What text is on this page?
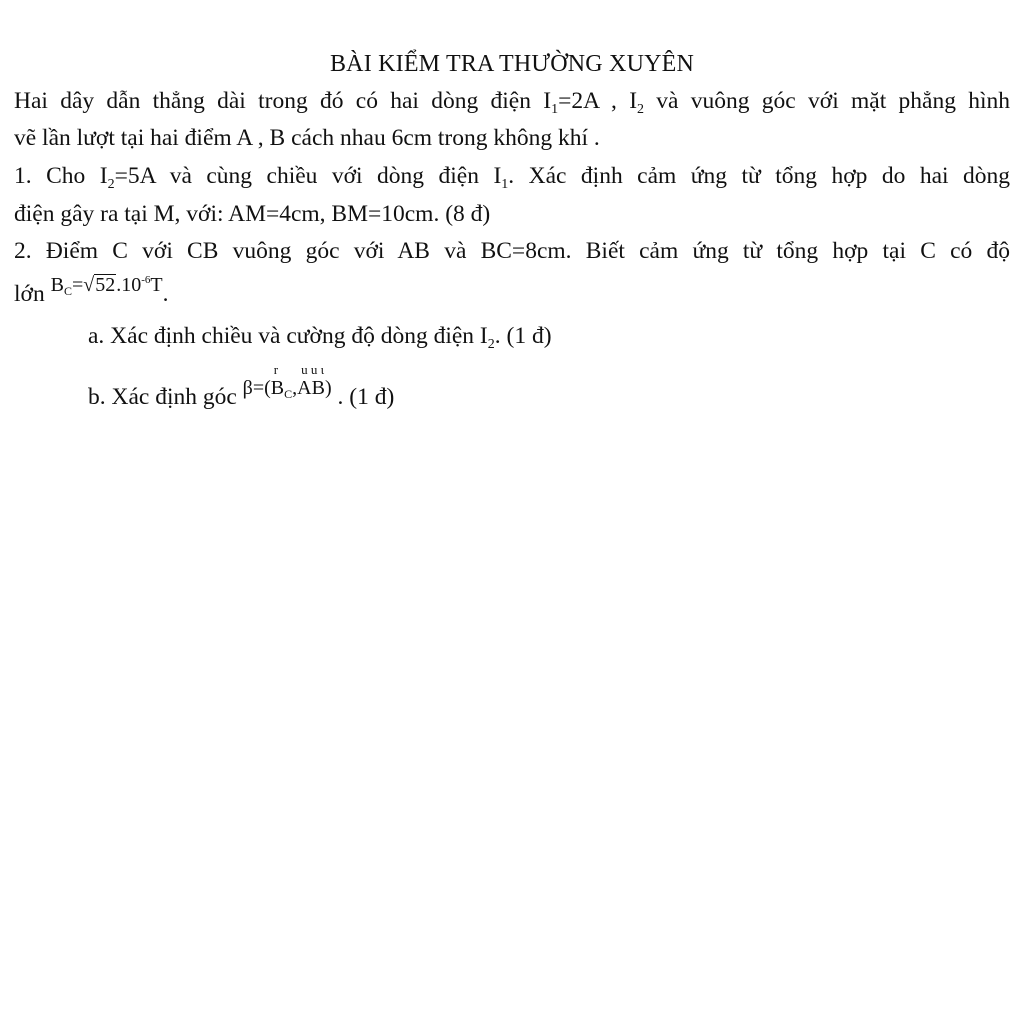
BÀI KIỂM TRA THƯỜNG XUYÊN
Hai dây dẫn thẳng dài trong đó có hai dòng điện $I_1=2A$ , $I_2$ và vuông góc với mặt phẳng hình
vẽ lần lượt tại hai điểm A , B cách nhau 6cm trong không khí .
1. Cho $I_2=5A$ và cùng chiều với dòng điện $I_1$. Xác định cảm ứng từ tổng hợp do hai dòng
điện gây ra tại M, với: AM=4cm, BM=10cm. (8 đ)
2. Điểm C với CB vuông góc với AB và BC=8cm. Biết cảm ứng từ tổng hợp tại C có độ
lớn $B_C=√52.10^{-6}T$.
a. Xác định chiều và cường độ dòng điện $I_2$. (1 đ)
b. Xác định góc β=(
r
$B_C$,
u u ι
AB) . (1 đ)
